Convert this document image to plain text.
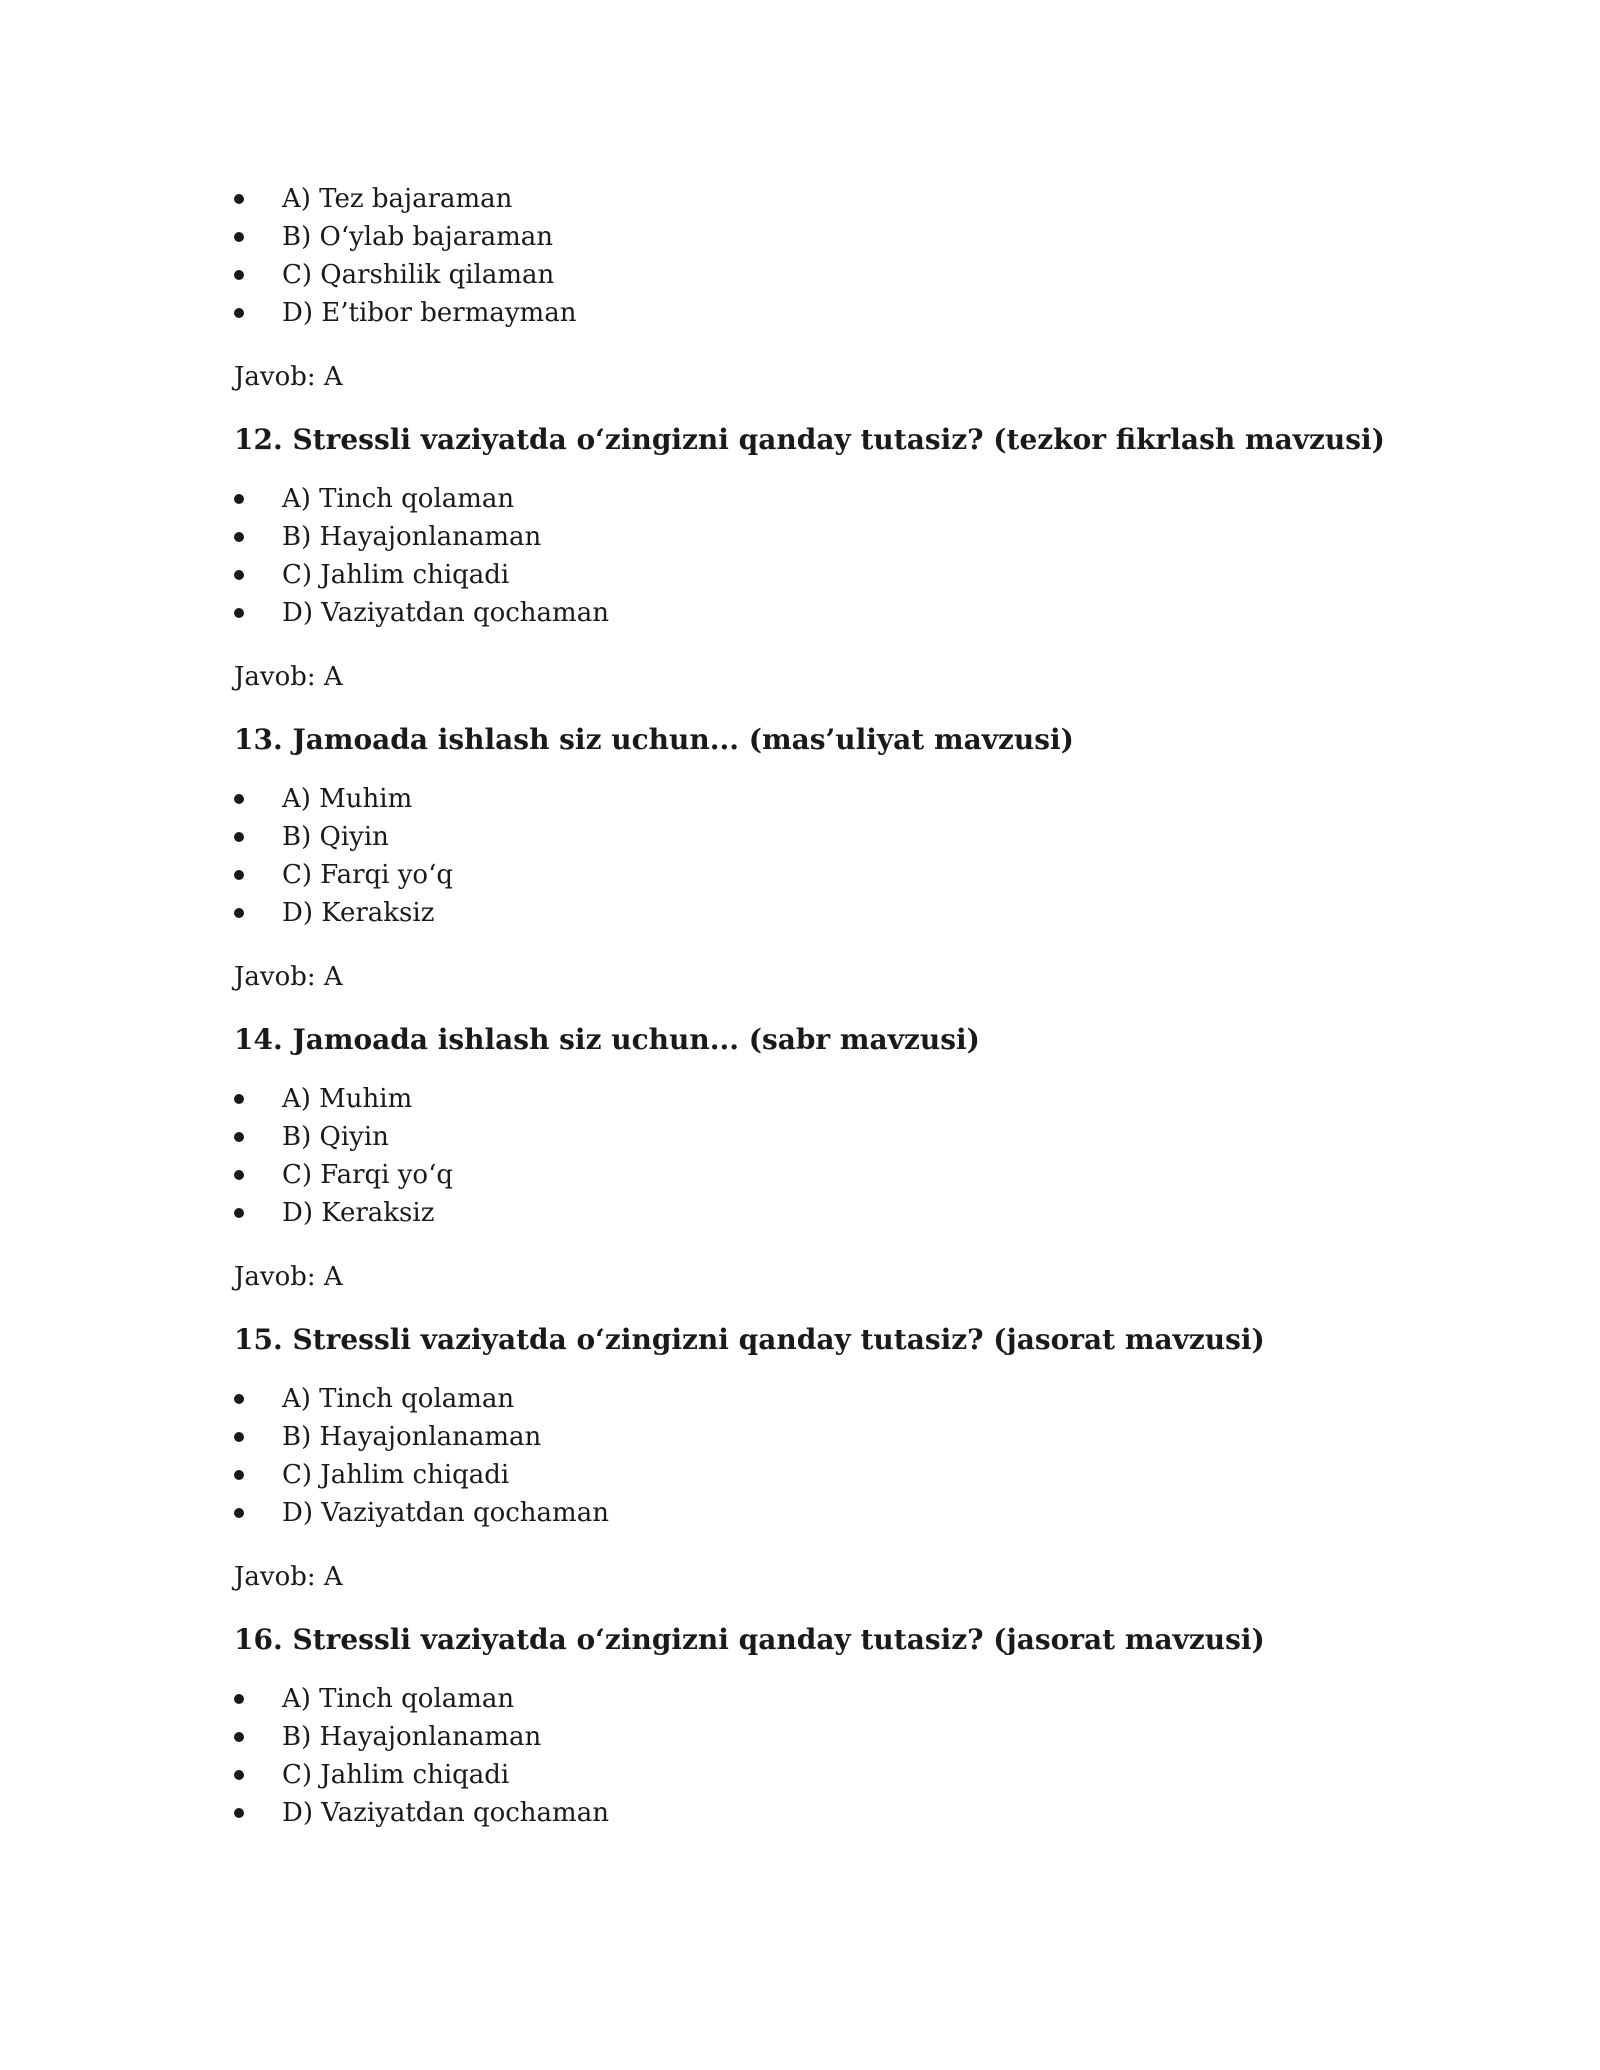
A) Tez bajaraman
B) O‘ylab bajaraman
C) Qarshilik qilaman
D) E’tibor bermayman
Javob: A
12. Stressli vaziyatda o‘zingizni qanday tutasiz? (tezkor fikrlash mavzusi)
A) Tinch qolaman
B) Hayajonlanaman
C) Jahlim chiqadi
D) Vaziyatdan qochaman
Javob: A
13. Jamoada ishlash siz uchun... (mas’uliyat mavzusi)
A) Muhim
B) Qiyin
C) Farqi yo‘q
D) Keraksiz
Javob: A
14. Jamoada ishlash siz uchun... (sabr mavzusi)
A) Muhim
B) Qiyin
C) Farqi yo‘q
D) Keraksiz
Javob: A
15. Stressli vaziyatda o‘zingizni qanday tutasiz? (jasorat mavzusi)
A) Tinch qolaman
B) Hayajonlanaman
C) Jahlim chiqadi
D) Vaziyatdan qochaman
Javob: A
16. Stressli vaziyatda o‘zingizni qanday tutasiz? (jasorat mavzusi)
A) Tinch qolaman
B) Hayajonlanaman
C) Jahlim chiqadi
D) Vaziyatdan qochaman
